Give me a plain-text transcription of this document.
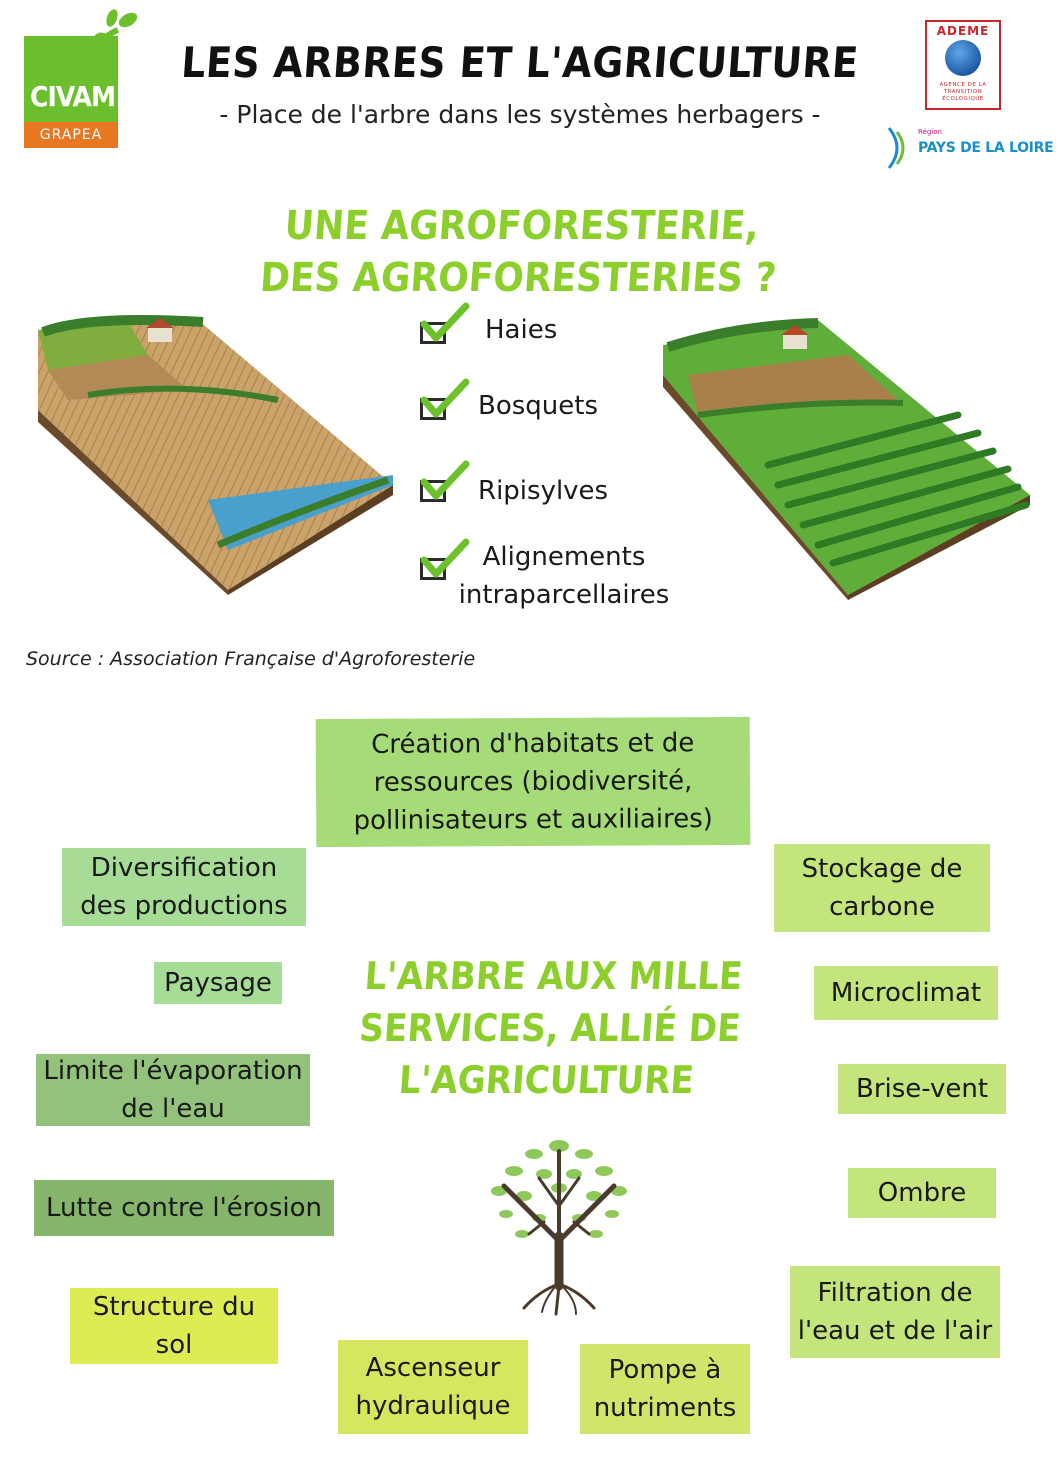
CIVAM
GRAPEA
ADEME
AGENCE DE LA TRANSITION ÉCOLOGIQUE
Région
PAYS DE LA LOIRE
LES ARBRES ET L'AGRICULTURE
- Place de l'arbre dans les systèmes herbagers -
UNE AGROFORESTERIE, DES AGROFORESTERIES ?
Haies
Bosquets
Ripisylves
Alignements intraparcellaires
Source : Association Française d'Agroforesterie
L'ARBRE AUX MILLE SERVICES, ALLIÉ DE L'AGRICULTURE
Création d'habitats et de ressources (biodiversité, pollinisateurs et auxiliaires)
Diversification des productions
Paysage
Limite l'évaporation de l'eau
Lutte contre l'érosion
Structure du sol
Ascenseur hydraulique
Pompe à nutriments
Stockage de carbone
Microclimat
Brise-vent
Ombre
Filtration de l'eau et de l'air
